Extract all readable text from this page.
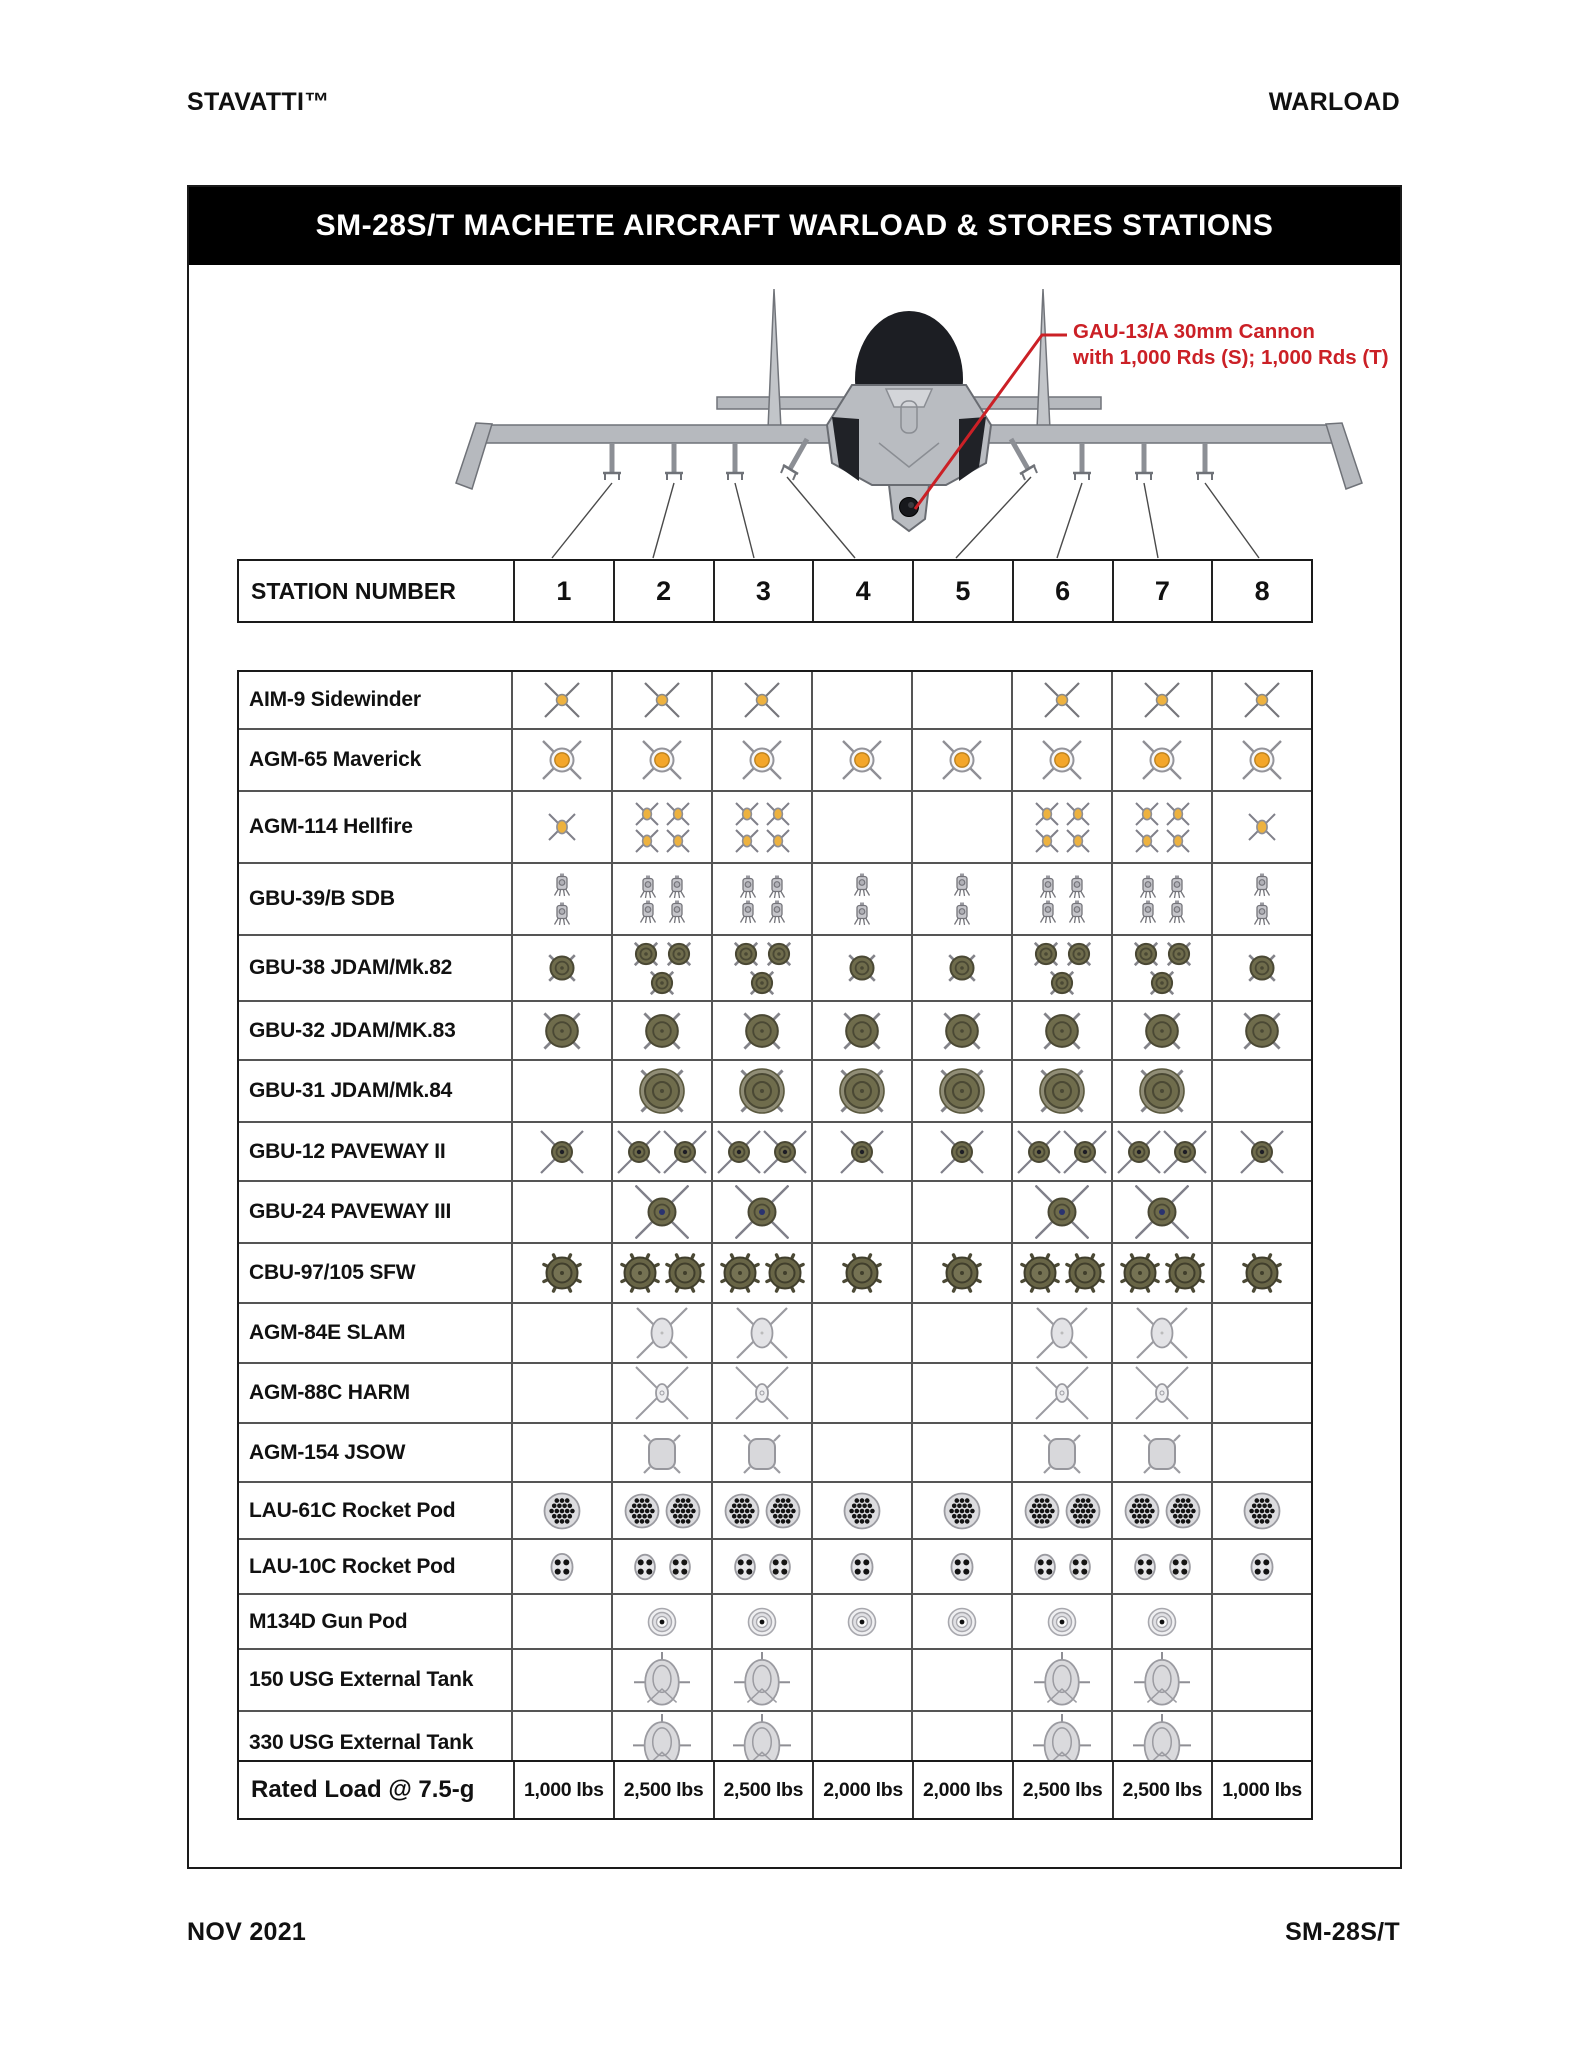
STAVATTI™	WARLOAD
SM-28S/T MACHETE AIRCRAFT WARLOAD & STORES STATIONS
GAU-13/A 30mm Cannon
with 1,000 Rds (S); 1,000 Rds (T)
STATION NUMBER	1	2	3	4	5	6	7	8
AIM-9 Sidewinder
AGM-65 Maverick
AGM-114 Hellfire
GBU-39/B SDB
GBU-38 JDAM/Mk.82
GBU-32 JDAM/MK.83
GBU-31 JDAM/Mk.84
GBU-12 PAVEWAY II
GBU-24 PAVEWAY III
CBU-97/105 SFW
AGM-84E SLAM
AGM-88C HARM
AGM-154 JSOW
LAU-61C Rocket Pod
LAU-10C Rocket Pod
M134D Gun Pod
150 USG External Tank
330 USG External Tank
Rated Load @ 7.5-g	1,000 lbs	2,500 lbs	2,500 lbs	2,000 lbs	2,000 lbs	2,500 lbs	2,500 lbs	1,000 lbs
NOV 2021	SM-28S/T
